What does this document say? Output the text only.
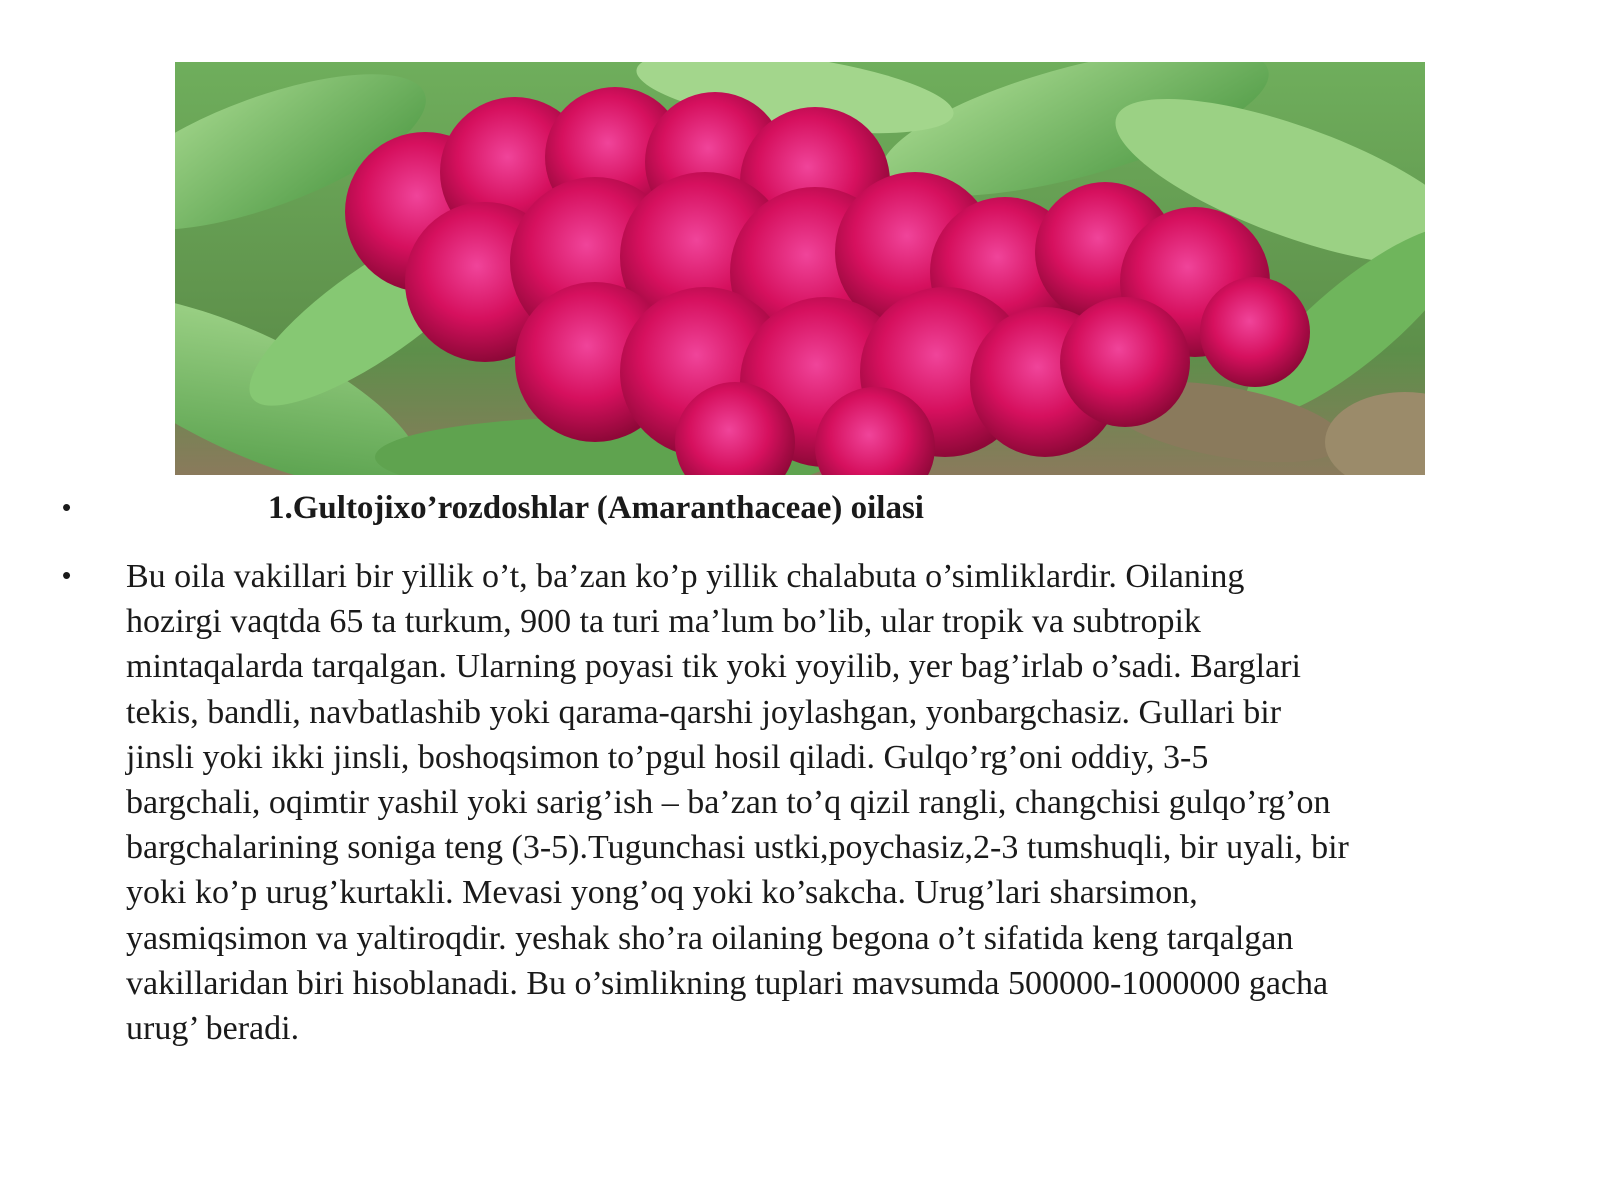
•	1.Gultojixo’rozdoshlar (Amaranthaceae) oilasi
• Bu oila vakillari bir yillik o’t, ba’zan ko’p yillik chalabuta o’simliklardir. Oilaning
hozirgi vaqtda 65 ta turkum, 900 ta turi ma’lum bo’lib, ular tropik va subtropik
mintaqalarda tarqalgan. Ularning poyasi tik yoki yoyilib, yer bag’irlab o’sadi. Barglari
tekis, bandli, navbatlashib yoki qarama-qarshi joylashgan, yonbargchasiz. Gullari bir
jinsli yoki ikki jinsli, boshoqsimon to’pgul hosil qiladi. Gulqo’rg’oni oddiy, 3-5
bargchali, oqimtir yashil yoki sarig’ish – ba’zan to’q qizil rangli, changchisi gulqo’rg’on
bargchalarining soniga teng (3-5).Tugunchasi ustki,poychasiz,2-3 tumshuqli, bir uyali, bir
yoki ko’p urug’kurtakli. Mevasi yong’oq yoki ko’sakcha. Urug’lari sharsimon,
yasmiqsimon va yaltiroqdir. yeshak sho’ra oilaning begona o’t sifatida keng tarqalgan
vakillaridan biri hisoblanadi. Bu o’simlikning tuplari mavsumda 500000-1000000 gacha
urug’ beradi.
